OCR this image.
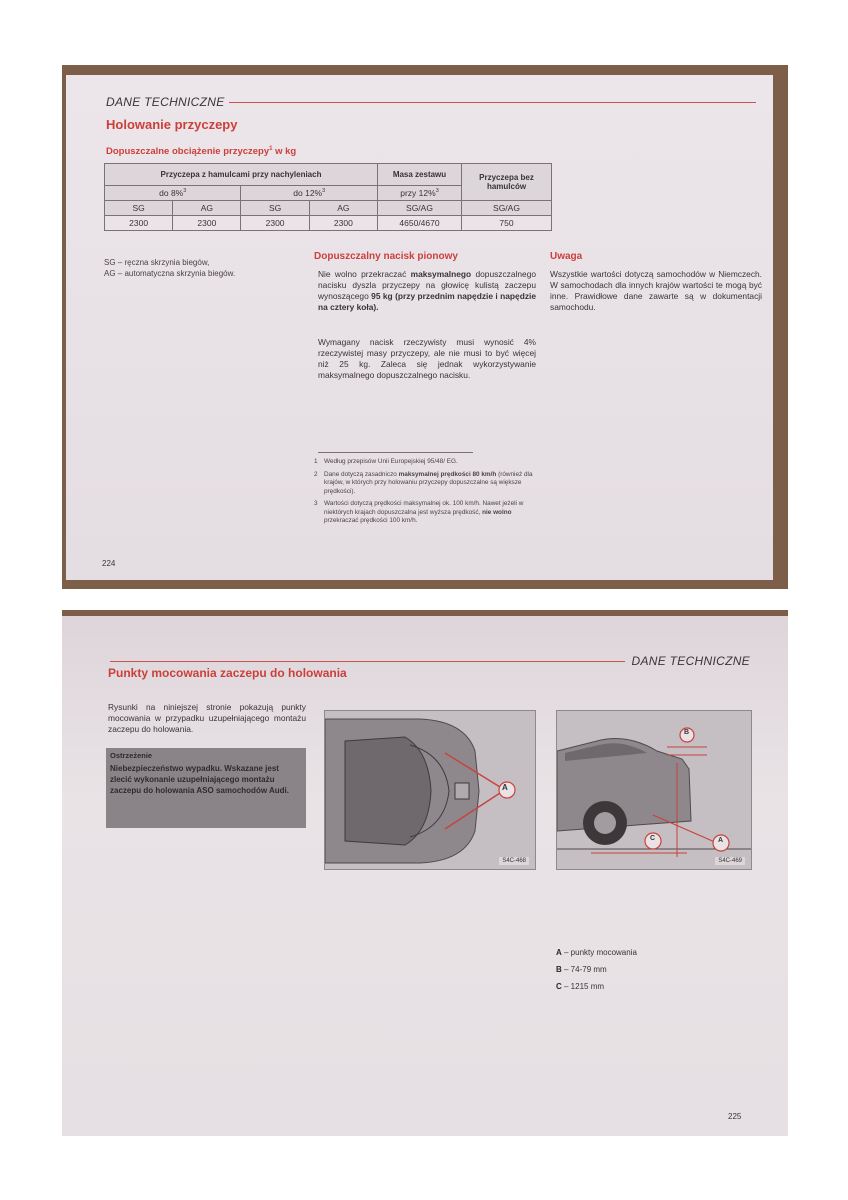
DANE TECHNICZNE
Holowanie przyczepy
Dopuszczalne obciążenie przyczepy$^1$ w kg
Przyczepa z hamulcami przy nachyleniach				Masa zestawu	Przyczepa bez hamulców
do 8%$^3$		do 12%$^3$		przy 12%$^3$
SG	AG	SG	AG	SG/AG	SG/AG
2300	2300	2300	2300	4650/4670	750
SG – ręczna skrzynia biegów,
AG – automatyczna skrzynia biegów.
Dopuszczalny nacisk pionowy
Nie wolno przekraczać maksymalnego dopuszczalnego nacisku dyszla przyczepy na głowicę kulistą zaczepu wynoszącego 95 kg (przy przednim napędzie i napędzie na cztery koła).
Wymagany nacisk rzeczywisty musi wynosić 4% rzeczywistej masy przyczepy, ale nie musi to być więcej niż 25 kg. Zaleca się jednak wykorzystywanie maksymalnego dopuszczalnego nacisku.
1	Według przepisów Unii Europejskiej 95/48/ EG.
2	Dane dotyczą zasadniczo maksymalnej prędkości 80 km/h (również dla krajów, w których przy holowaniu przyczepy dopuszczalne są większe prędkości).
3	Wartości dotyczą prędkości maksymalnej ok. 100 km/h. Nawet jeżeli w niektórych krajach dopuszczalna jest wyższa prędkość, nie wolno przekraczać prędkości 100 km/h.
Uwaga
Wszystkie wartości dotyczą samochodów w Niemczech. W samochodach dla innych krajów wartości te mogą być inne. Prawidłowe dane zawarte są w dokumentacji samochodu.
224
DANE TECHNICZNE
Punkty mocowania zaczepu do holowania
Rysunki na niniejszej stronie pokazują punkty mocowania w przypadku uzupełniającego montażu zaczepu do holowania.
Ostrzeżenie
Niebezpieczeństwo wypadku. Wskazane jest zlecić wykonanie uzupełniającego montażu zaczepu do holowania ASO samochodów Audi.	A
S4C-468
B
C	A
S4C-469
A – punkty mocowania
B – 74-79 mm
C – 1215 mm
225
